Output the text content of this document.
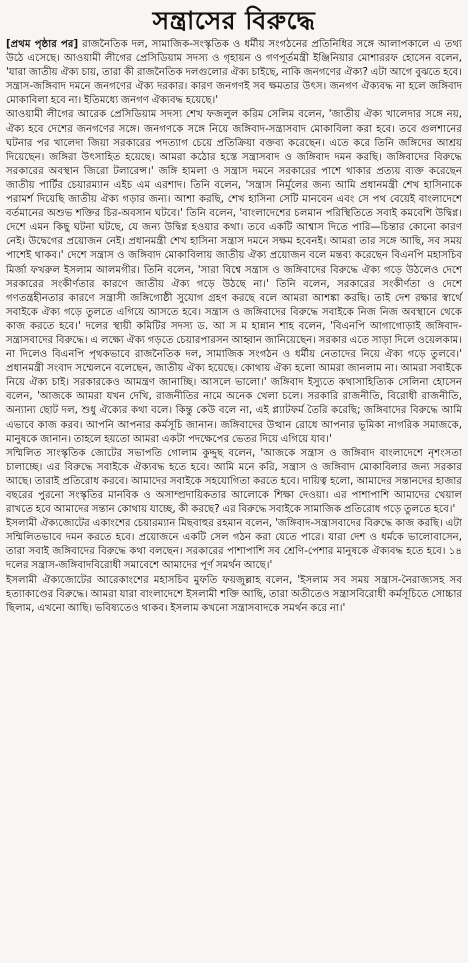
সন্ত্রাসের বিরুদ্ধে

[প্রথম পৃষ্ঠার পর] রাজনৈতিক দল, সামাজিক-সংস্কৃতিক ও ধর্মীয় সংগঠনের প্রতিনিধির সঙ্গে আলাপকালে এ তথ্য উঠে এসেছে। আওয়ামী লীগের প্রেসিডিয়াম সদস্য ও গৃহায়ন ও গণপূর্তমন্ত্রী ইঞ্জিনিয়ার মোশাররফ হোসেন বলেন, 'যারা জাতীয় ঐক্য চায়, তারা কী রাজনৈতিক দলগুলোর ঐক্য চাইছে, নাকি জনগণের ঐক্য? এটা আগে বুঝতে হবে। সন্ত্রাস-জঙ্গিবাদ দমনে জনগণের ঐক্য দরকার। কারণ জনগণই সব ক্ষমতার উৎস। জনগণ ঐক্যবদ্ধ না হলে জঙ্গিবাদ মোকাবিলা হবে না। ইতিমধ্যে জনগণ ঐক্যবদ্ধ হয়েছে।'

আওয়ামী লীগের আরেক প্রেসিডিয়াম সদস্য শেখ ফজলুল করিম সেলিম বলেন, 'জাতীয় ঐক্য খালেদার সঙ্গে নয়, ঐক্য হবে দেশের জনগণের সঙ্গে। জনগণকে সঙ্গে নিয়ে জঙ্গিবাদ-সন্ত্রাসবাদ মোকাবিলা করা হবে। তবে গুলশানের ঘটনার পর খালেদা জিয়া সরকারের পদত্যাগ চেয়ে প্রতিক্রিয়া বক্তব্য করেছেন। এতে করে তিনি জঙ্গিদের আশ্রয় দিয়েছেন। জঙ্গিরা উৎসাহিত হয়েছে। আমরা কঠোর হস্তে সন্ত্রাসবাদ ও জঙ্গিবাদ দমন করছি। জঙ্গিবাদের বিরুদ্ধে সরকারের অবস্থান জিরো টলারেন্স।' জঙ্গি হামলা ও সন্ত্রাস দমনে সরকারের পাশে থাকার প্রত্যয় ব্যক্ত করেছেন জাতীয় পার্টির চেয়ারম্যান এইচ এম এরশাদ। তিনি বলেন, 'সন্ত্রাস নির্মূলের জন্য আমি প্রধানমন্ত্রী শেখ হাসিনাকে পরামর্শ দিয়েছি জাতীয় ঐক্য গড়ার জন্য। আশা করছি, শেখ হাসিনা সেটি মানবেন এবং সে পথ বেয়েই বাংলাদেশে বর্তমানের অশুভ শক্তির চির-অবসান ঘটবে।' তিনি বলেন, 'বাংলাদেশের চলমান পরিস্থিতিতে সবাই কমবেশি উদ্বিগ্ন। দেশে এমন কিছু ঘটনা ঘটছে, যে জন্য উদ্বিগ্ন হওয়ার কথা। তবে একটি আশ্বাস দিতে পারি—চিন্তার কোনো কারণ নেই। উদ্বেগের প্রয়োজন নেই। প্রধানমন্ত্রী শেখ হাসিনা সন্ত্রাস দমনে সক্ষম হবেনই। আমরা তার সঙ্গে আছি, সব সময় পাশেই থাকব।' দেশে সন্ত্রাস ও জঙ্গিবাদ মোকাবিলায় জাতীয় ঐক্য প্রয়োজন বলে মন্তব্য করেছেন বিএনপি মহাসচিব মির্জা ফখরুল ইসলাম আলমগীর। তিনি বলেন, 'সারা বিশ্বে সন্ত্রাস ও জঙ্গিবাদের বিরুদ্ধে ঐক্য গড়ে উঠলেও দেশে সরকারের সংকীর্ণতার কারণে জাতীয় ঐক্য গড়ে উঠছে না।' তিনি বলেন, সরকারের সংকীর্ণতা ও দেশে গণতন্ত্রহীনতার কারণে সন্ত্রাসী জঙ্গিগোষ্ঠী সুযোগ গ্রহণ করছে বলে আমরা আশঙ্কা করছি। তাই দেশ রক্ষার স্বার্থে সবাইকে ঐক্য গড়ে তুলতে এগিয়ে আসতে হবে। সন্ত্রাস ও জঙ্গিবাদের বিরুদ্ধে সবাইকে নিজ নিজ অবস্থানে থেকে কাজ করতে হবে।' দলের স্থায়ী কমিটির সদস্য ড. আ স ম হান্নান শাহ বলেন, 'বিএনপি আগাগোড়াই জঙ্গিবাদ-সন্ত্রাসবাদের বিরুদ্ধে। এ লক্ষ্যে ঐক্য গড়তে চেয়ারপারসন আহ্বান জানিয়েছেন। সরকার এতে সাড়া দিলে ওয়েলকাম। না দিলেও বিএনপি পৃথকভাবে রাজনৈতিক দল, সামাজিক সংগঠন ও ধর্মীয় নেতাদের নিয়ে ঐক্য গড়ে তুলবে।' প্রধানমন্ত্রী সংবাদ সম্মেলনে বলেছেন, জাতীয় ঐক্য হয়েছে। কোথায় ঐক্য হলো আমরা জানলাম না। আমরা সবাইকে নিয়ে ঐক্য চাই। সরকারকেও আমন্ত্রণ জানাচ্ছি। আসলে ভালো।' জঙ্গিবাদ ইস্যুতে কথাসাহিত্যিক সেলিনা হোসেন বলেন, 'আজকে আমরা যখন দেখি, রাজনীতির নামে অনেক খেলা চলে। সরকারি রাজনীতি, বিরোধী রাজনীতি, অন্যান্য ছোট দল, শুধু ঐক্যের কথা বলে। কিন্তু কেউ বলে না, এই প্ল্যাটফর্ম তৈরি করেছি; জঙ্গিবাদের বিরুদ্ধে আমি এভাবে কাজ করব। আপনি আপনার কর্মসূচি জানান। জঙ্গিবাদের উত্থান রোধে আপনার ভূমিকা নাগরিক সমাজকে, মানুষকে জানান। তাহলে হয়তো আমরা একটা পদক্ষেপের ভেতর দিয়ে এগিয়ে যাব।'

সম্মিলিত সাংস্কৃতিক জোটের সভাপতি গোলাম কুদ্দুছ বলেন, 'আজকে সন্ত্রাস ও জঙ্গিবাদ বাংলাদেশে নৃশংসতা চালাচ্ছে। এর বিরুদ্ধে সবাইকে ঐক্যবদ্ধ হতে হবে। আমি মনে করি, সন্ত্রাস ও জঙ্গিবাদ মোকাবিলার জন্য সরকার আছে। তারাই প্রতিরোধ করবে। আমাদের সবাইকে সহযোগিতা করতে হবে। দায়িত্ব হলো, আমাদের সন্তানদের হাজার বছরের পুরনো সংস্কৃতির মানবিক ও অসাম্প্রদায়িকতার আলোকে শিক্ষা দেওয়া। এর পাশাপাশি আমাদের খেয়াল রাখতে হবে আমাদের সন্তান কোথায় যাচ্ছে, কী করছে? এর বিরুদ্ধে সবাইকে সামাজিক প্রতিরোধ গড়ে তুলতে হবে।'

ইসলামী ঐক্যজোটের একাংশের চেয়ারম্যান মিছবাহুর রহমান বলেন, 'জঙ্গিবাদ-সন্ত্রাসবাদের বিরুদ্ধে কাজ করছি। এটা সম্মিলিতভাবে দমন করতে হবে। প্রয়োজনে একটি সেল গঠন করা যেতে পারে। যারা দেশ ও ধর্মকে ভালোবাসেন, তারা সবাই জঙ্গিবাদের বিরুদ্ধে কথা বলছেন। সরকারের পাশাপাশি সব শ্রেণি-পেশার মানুষকে ঐক্যবদ্ধ হতে হবে। ১৪ দলের সন্ত্রাস-জঙ্গিবাদবিরোধী সমাবেশে আমাদের পূর্ণ সমর্থন আছে।'

ইসলামী ঐক্যজোটের আরেকাংশের মহাসচিব মুফতি ফয়জুল্লাহ বলেন, 'ইসলাম সব সময় সন্ত্রাস-নৈরাজ্যসহ সব হত্যাকাণ্ডের বিরুদ্ধে। আমরা যারা বাংলাদেশে ইসলামী শক্তি আছি, তারা অতীতেও সন্ত্রাসবিরোধী কর্মসূচিতে সোচ্চার ছিলাম, এখনো আছি। ভবিষ্যতেও থাকব। ইসলাম কখনো সন্ত্রাসবাদকে সমর্থন করে না।'
